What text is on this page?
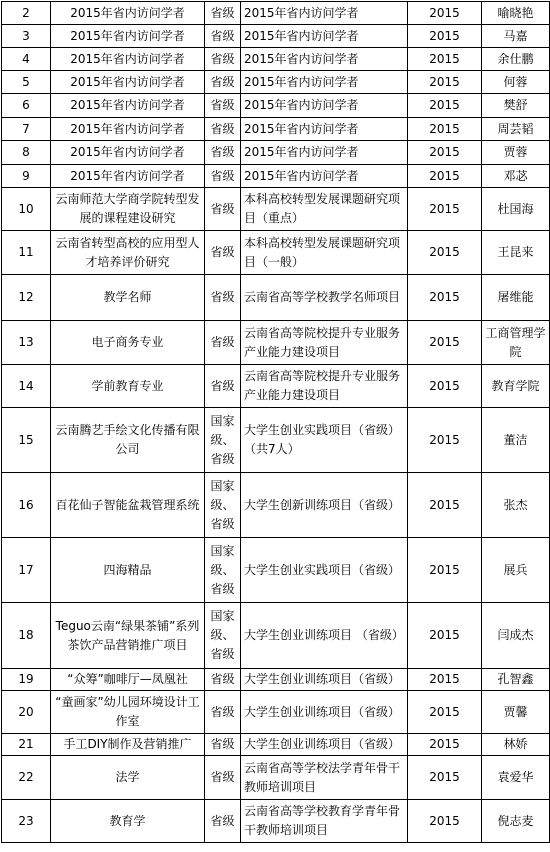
2	2015年省内访问学者	省级	2015年省内访问学者	2015	喻晓艳
3	2015年省内访问学者	省级	2015年省内访问学者	2015	马嘉
4	2015年省内访问学者	省级	2015年省内访问学者	2015	余仕鹏
5	2015年省内访问学者	省级	2015年省内访问学者	2015	何蓉
6	2015年省内访问学者	省级	2015年省内访问学者	2015	樊舒
7	2015年省内访问学者	省级	2015年省内访问学者	2015	周芸韬
8	2015年省内访问学者	省级	2015年省内访问学者	2015	贾蓉
9	2015年省内访问学者	省级	2015年省内访问学者	2015	邓苾
10	云南师范大学商学院转型发展的课程建设研究	省级	本科高校转型发展课题研究项目（重点）	2015	杜国海
11	云南省转型高校的应用型人才培养评价研究	省级	本科高校转型发展课题研究项目（一般）	2015	王昆来
12	教学名师	省级	云南省高等学校教学名师项目	2015	屠维能
13	电子商务专业	省级	云南省高等院校提升专业服务产业能力建设项目	2015	工商管理学院
14	学前教育专业	省级	云南省高等院校提升专业服务产业能力建设项目	2015	教育学院
15	云南腾艺手绘文化传播有限公司	国家级、省级	大学生创业实践项目（省级）（共7人）	2015	董洁
16	百花仙子智能盆栽管理系统	国家级、省级	大学生创新训练项目（省级）	2015	张杰
17	四海精品	国家级、省级	大学生创业实践项目（省级）	2015	展兵
18	Teguo云南“绿果茶铺”系列茶饮产品营销推广项目	国家级、省级	大学生创业训练项目 （省级）	2015	闫成杰
19	“众筹”咖啡厅—凤凰社	省级	大学生创业训练项目（省级）	2015	孔智鑫
20	“童画家”幼儿园环境设计工作室	省级	大学生创业训练项目（省级）	2015	贾馨
21	手工DIY制作及营销推广	省级	大学生创业训练项目（省级）	2015	林娇
22	法学	省级	云南省高等学校法学青年骨干教师培训项目	2015	袁爱华
23	教育学	省级	云南省高等学校教育学青年骨干教师培训项目	2015	倪志麦
